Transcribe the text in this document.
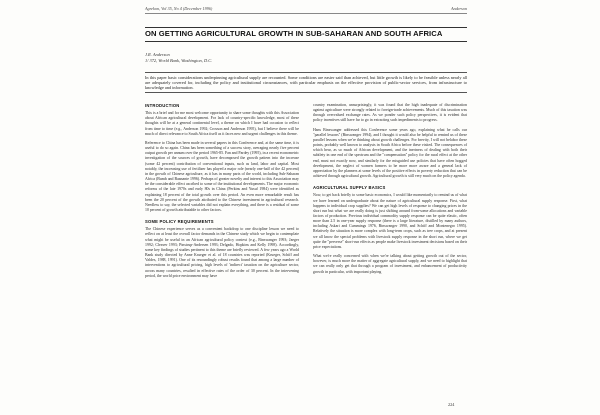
Agrekon, Vol 35, No 4 (December 1996)	Anderson
ON GETTING AGRICULTURAL GROWTH IN SUB-SAHARAN AND SOUTH AFRICA
J.R. Anderson
1/ 372, World Bank, Washington, D.C.
In this paper basic considerations underpinning agricultural supply are recounted. Some conditions are easier said than achieved, but little growth is likely to be feasible unless nearly all are adequately covered for, including the policy and institutional circumstances, with particular emphasis on the effective provision of public-sector services, from infrastructure to knowledge and information.
INTRODUCTION

This is a brief and for me most welcome opportunity to share some thoughts with this Association about African agricultural development. For lack of country-specific knowledge, most of these thoughts will be at a general continental level, a theme on which I have had occasion to reflect from time to time (e.g., Anderson 1992; Crosson and Anderson 1995), but I believe there will be much of direct relevance to South Africa itself as it faces new and urgent challenges in this theme.

Reference to China has been made in several papers in this Conference and, at the same time, it is useful to do so again. China has been something of a success story, averaging nearly five percent output growth per annum over the period 1965-85. Fan and Pardey (1995), in a recent econometric investigation of the sources of growth, have decomposed the growth pattern into the increase (some 42 percent) contribution of conventional inputs, such as land, labor and capital. Most notably, the increasing use of fertilizer has played a major role (nearly one-half of the 42 percent) in the growth of Chinese agriculture, as it has in many parts of the world, including Sub-Saharan Africa (Bumb and Baanante 1996). Perhaps of greater novelty and interest to this Association may be the considerable effect ascribed to some of the institutional developments. The major economic reforms of the late 1970s and early 80s in China (Perkins and Yusuf 1984) were identified as explaining 18 percent of the total growth over this period. An even more remarkable result has been the 20 percent of the growth attributed to the Chinese investment in agricultural research. Needless to say, the selected variables did not explain everything, and there is a residual of some 10 percent of growth attributable to other factors.

SOME POLICY REQUIREMENTS

The Chinese experience serves as a convenient backdrop to one discipline lesson we need to reflect on at least the overall factor demands in the Chinese study which we begin to contemplate what might be useful in an African agricultural policy context (e.g., Binswanger 1993; Jaeger 1992; Cleaver 1993; Pinstrup-Andersen 1993; Delgado, Hopkins and Kelly 1998). Accordingly, some key findings of studies pertinent to this theme are briefly reviewed. A few years ago a World Bank study directed by Anne Krueger et al. of 18 countries was reported (Krueger, Schiff and Valdes, 1988, 1991). One of its resoundingly robust results found that among a large number of interventions to agricultural pricing, high levels of 'indirect' taxation on the agriculture sector, across many countries, resulted in effective rates of the order of 30 percent. In the intervening period, the world price environment may have

country examination, unsurprisingly, it was found that the high inadequate of discrimination against agriculture were strongly related to foreign-trade achievements. Much of this taxation was through overvalued exchange rates. As we ponder such policy perspectives, it is evident that policy incentives still have far to go in extracting such impediments to progress.

Hans Binswanger addressed this Conference some years ago, explaining what he calls our "parallel lessons" (Binswanger 1994), and I thought it would also be helpful to remind us of these parallel lessons when we're thinking about growth challenges. For brevity, I will not belabor these points, probably well known to analysts in South Africa before these visited. The consequences of which bear, as so much of African development, and the inertness of dealing with both their subtlety in one end of the spectrum and the "compensation" policy for the rural effect at the other end, must not exactly now, and similarly for the misguided use policies that have often hogged development, the neglect of women farmers to be more more aware and a general lack of appreciation by the planners at some levels of the positive effects in poverty reduction that can be achieved through agricultural growth. Agricultural growth is still very much on the policy agenda.

AGRICULTURAL SUPPLY BASICS

Now, to get back briefly to some basic economics, I would like momentarily to remind us of what we have learned on undergraduate about the nature of agricultural supply response. First, what happens to individual crop supplies? We can get high levels of response to changing prices in the short run but what we are really doing is just shifting around from-some allocations and variable factors of production. Previous individual commodity supply response can be quite elastic, often more than 2.5 in one-year supply response (there is a large literature, distilled by many authors, including Askari and Cummings 1976, Binswanger 1990, and Schiff and Montenegro 1995). Relatively the situation is more complex with long-term crops, such as tree crops, and at present we all know the special problems with livestock supply response in the short run, where we get quite the "perverse" short-run effects as people make livestock investment decisions based on their price expectations.

What we're really concerned with when we're talking about getting growth out of the sector, however, is much more the matter of aggregate agricultural supply, and we need to highlight that we can really only get that through a program of investment, and enhancement of productivity growth in particular, with important playing

224
